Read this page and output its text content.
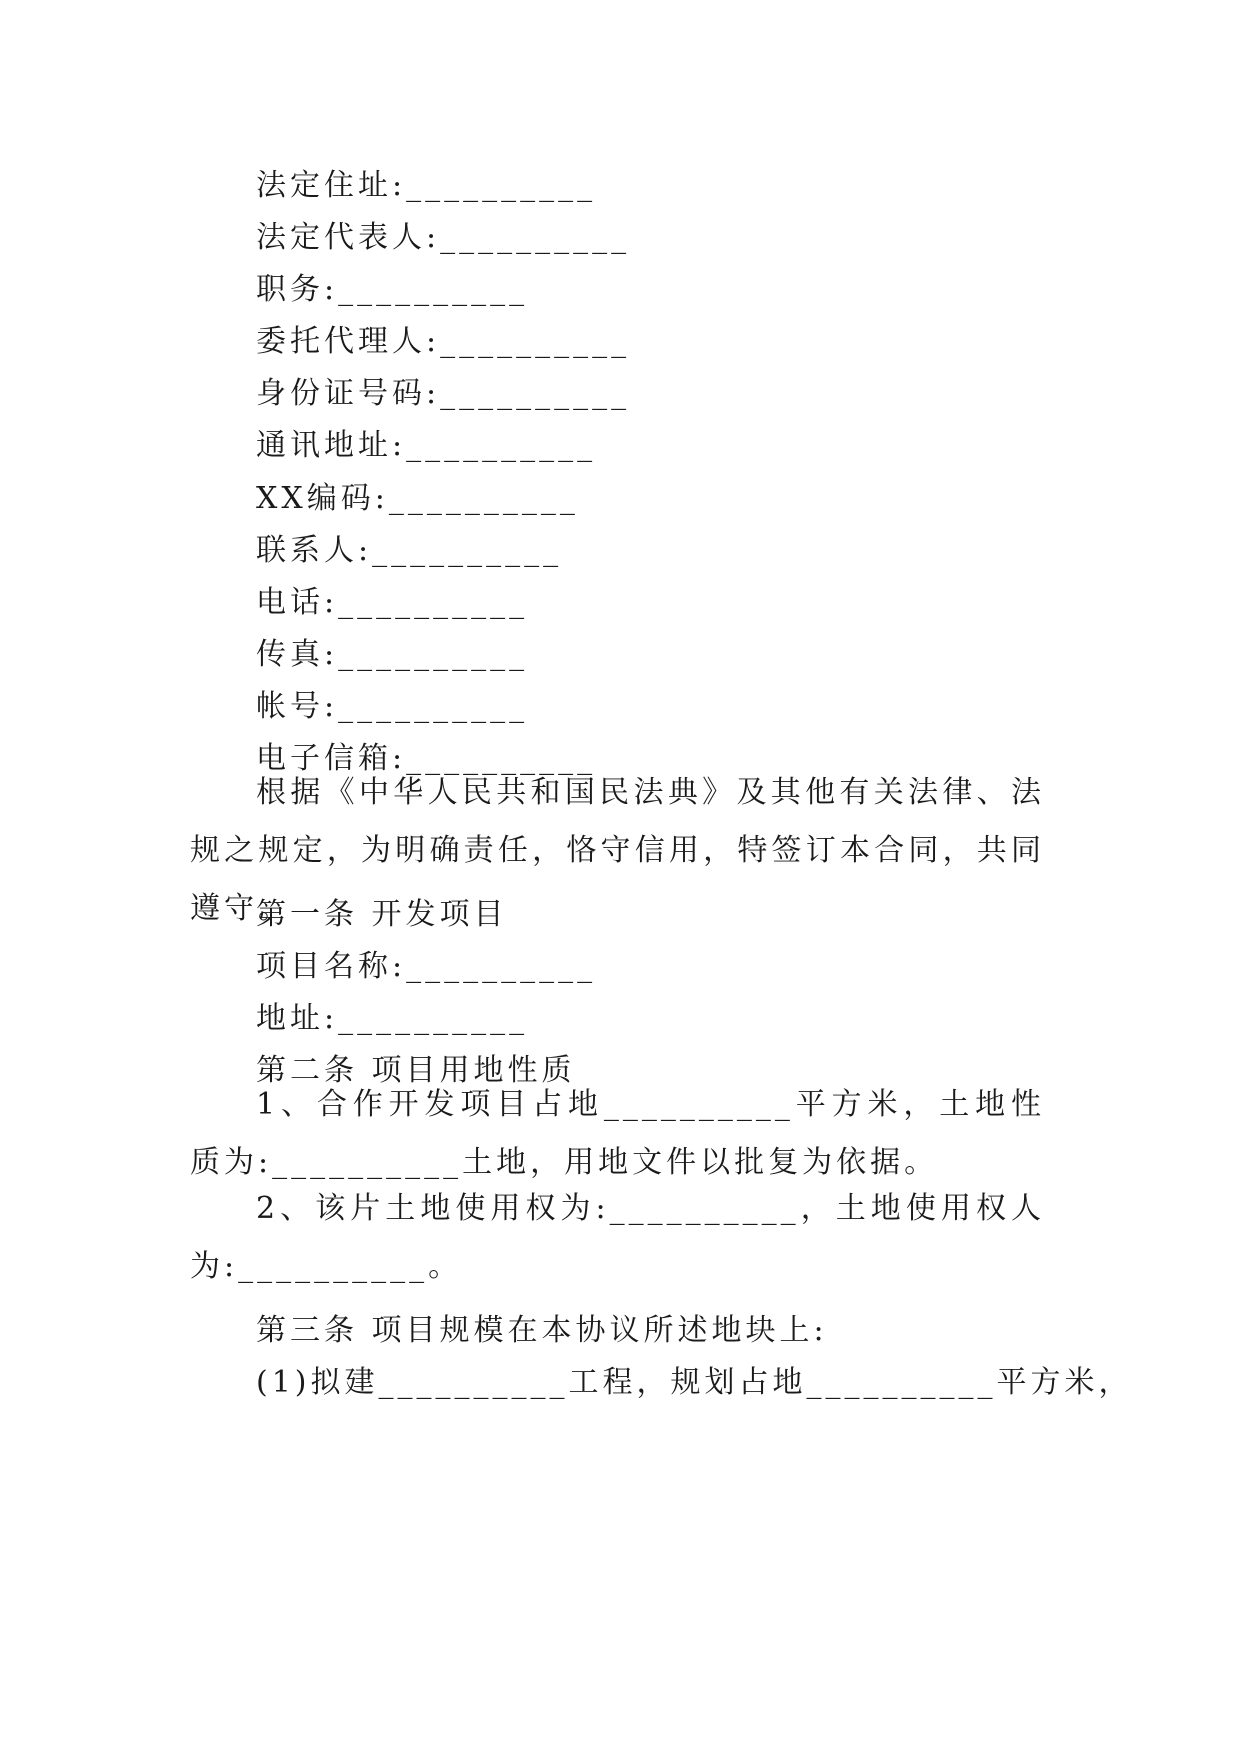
法定住址:__________
法定代表人:__________
职务:__________
委托代理人:__________
身份证号码:__________
通讯地址:__________
XX编码:__________
联系人:__________
电话:__________
传真:__________
帐号:__________
电子信箱:__________
根据《中华人民共和国民法典》及其他有关法律、法规之规定，为明确责任，恪守信用，特签订本合同，共同遵守。
第一条 开发项目
项目名称:__________
地址:__________
第二条 项目用地性质
1、合作开发项目占地__________平方米，土地性质为:__________土地，用地文件以批复为依据。
2、该片土地使用权为:__________，土地使用权人为:__________。
第三条 项目规模在本协议所述地块上:
(1)拟建__________工程，规划占地__________平方米，
